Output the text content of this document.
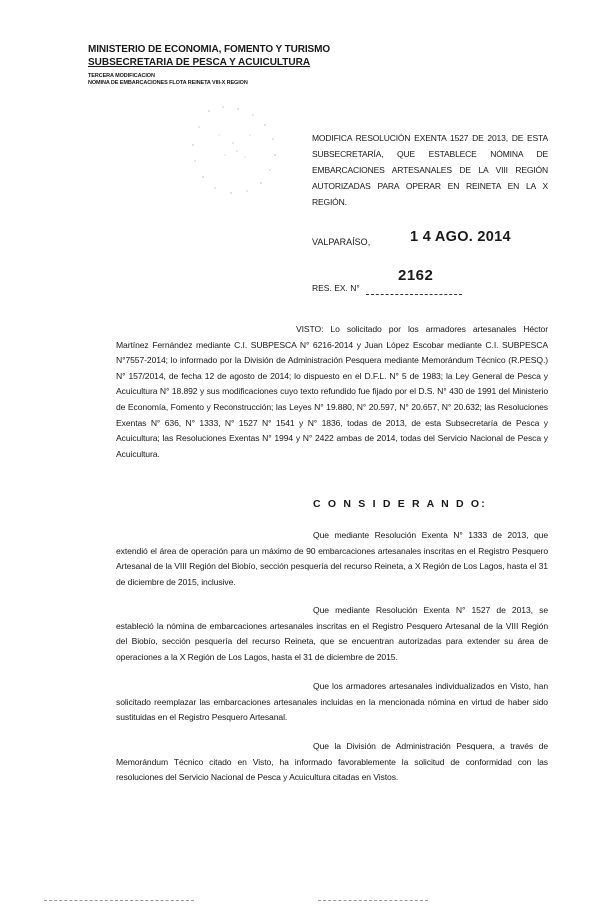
MINISTERIO DE ECONOMIA, FOMENTO Y TURISMO
SUBSECRETARIA DE PESCA Y ACUICULTURA
TERCERA MODIFICACION
NOMINA DE EMBARCACIONES FLOTA REINETA VIII-X REGION
MODIFICA RESOLUCIÓN EXENTA 1527 DE 2013, DE ESTA SUBSECRETARÍA, QUE ESTABLECE NÓMINA DE EMBARCACIONES ARTESANALES DE LA VIII REGIÓN AUTORIZADAS PARA OPERAR EN REINETA EN LA X REGIÓN.
VALPARAÍSO,	1 4 AGO. 2014
RES. EX. N°
2162
VISTO: Lo solicitado por los armadores artesanales Héctor Martínez Fernández mediante C.I. SUBPESCA N° 6216-2014 y Juan López Escobar mediante C.I. SUBPESCA N°7557-2014; lo informado por la División de Administración Pesquera mediante Memorándum Técnico (R.PESQ.) N° 157/2014, de fecha 12 de agosto de 2014; lo dispuesto en el D.F.L. N° 5 de 1983; la Ley General de Pesca y Acuicultura N° 18.892 y sus modificaciones cuyo texto refundido fue fijado por el D.S. N° 430 de 1991 del Ministerio de Economía, Fomento y Reconstrucción; las Leyes N° 19.880, N° 20.597, N° 20.657, N° 20.632; las Resoluciones Exentas N° 636, N° 1333, N° 1527 N° 1541 y N° 1836, todas de 2013, de esta Subsecretaría de Pesca y Acuicultura; las Resoluciones Exentas N° 1994 y N° 2422 ambas de 2014, todas del Servicio Nacional de Pesca y Acuicultura.
C O N S I D E R A N D O:
Que mediante Resolución Exenta N° 1333 de 2013, que extendió el área de operación para un máximo de 90 embarcaciones artesanales inscritas en el Registro Pesquero Artesanal de la VIII Región del Biobío, sección pesquería del recurso Reineta, a X Región de Los Lagos, hasta el 31 de diciembre de 2015, inclusive.
Que mediante Resolución Exenta N° 1527 de 2013, se estableció la nómina de embarcaciones artesanales inscritas en el Registro Pesquero Artesanal de la VIII Región del Biobío, sección pesquería del recurso Reineta, que se encuentran autorizadas para extender su área de operaciones a la X Región de Los Lagos, hasta el 31 de diciembre de 2015.
Que los armadores artesanales individualizados en Visto, han solicitado reemplazar las embarcaciones artesanales incluidas en la mencionada nómina en virtud de haber sido sustituidas en el Registro Pesquero Artesanal.
Que la División de Administración Pesquera, a través de Memorándum Técnico citado en Visto, ha informado favorablemente la solicitud de conformidad con las resoluciones del Servicio Nacional de Pesca y Acuicultura citadas en Vistos.
